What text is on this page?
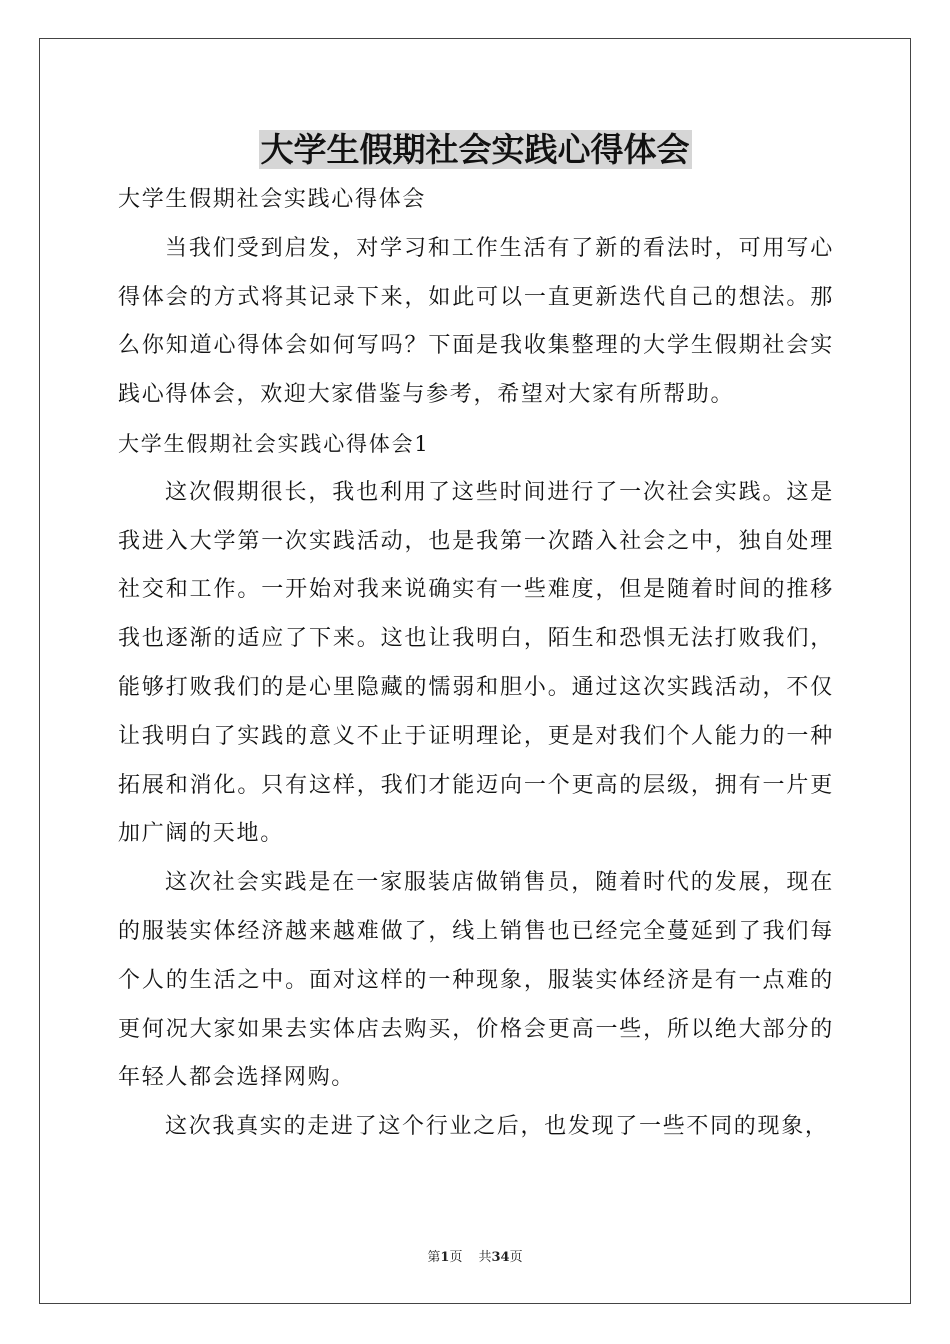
大学生假期社会实践心得体会

大学生假期社会实践心得体会

当我们受到启发，对学习和工作生活有了新的看法时，可用写心得体会的方式将其记录下来，如此可以一直更新迭代自己的想法。那么你知道心得体会如何写吗？下面是我收集整理的大学生假期社会实践心得体会，欢迎大家借鉴与参考，希望对大家有所帮助。

大学生假期社会实践心得体会1

这次假期很长，我也利用了这些时间进行了一次社会实践。这是我进入大学第一次实践活动，也是我第一次踏入社会之中，独自处理社交和工作。一开始对我来说确实有一些难度，但是随着时间的推移我也逐渐的适应了下来。这也让我明白，陌生和恐惧无法打败我们，能够打败我们的是心里隐藏的懦弱和胆小。通过这次实践活动，不仅让我明白了实践的意义不止于证明理论，更是对我们个人能力的一种拓展和消化。只有这样，我们才能迈向一个更高的层级，拥有一片更加广阔的天地。

这次社会实践是在一家服装店做销售员，随着时代的发展，现在的服装实体经济越来越难做了，线上销售也已经完全蔓延到了我们每个人的生活之中。面对这样的一种现象，服装实体经济是有一点难的更何况大家如果去实体店去购买，价格会更高一些，所以绝大部分的年轻人都会选择网购。

这次我真实的走进了这个行业之后，也发现了一些不同的现象，

第1页 共34页
